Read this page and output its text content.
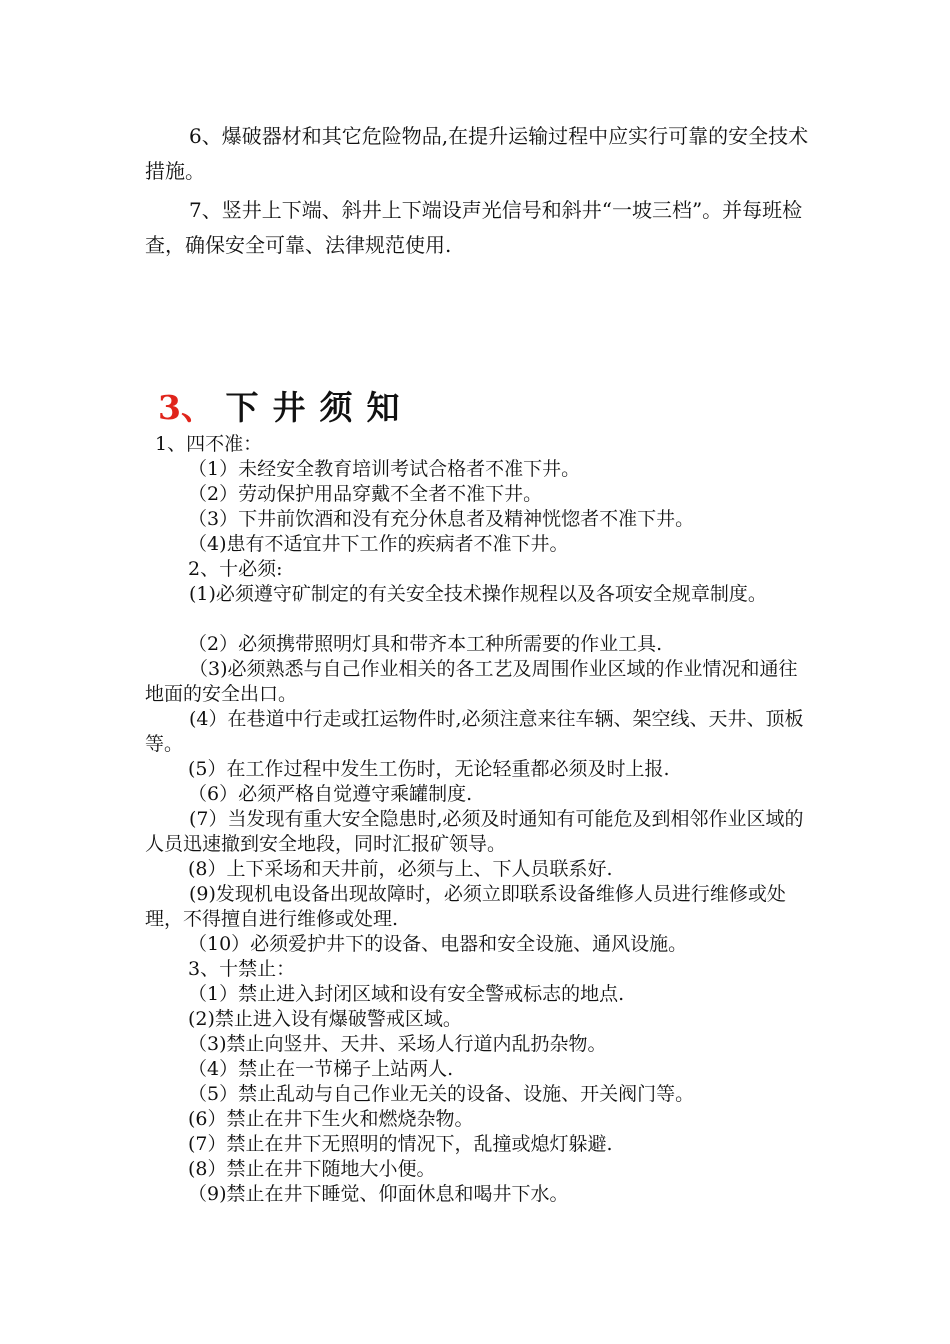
6、爆破器材和其它危险物品,在提升运输过程中应实行可靠的安全技术措施。

7、竖井上下端、斜井上下端设声光信号和斜井“一坡三档”。并每班检查，确保安全可靠、法律规范使用.

3、 下井须知

1、四不准：

（1）未经安全教育培训考试合格者不准下井。

（2）劳动保护用品穿戴不全者不准下井。

（3）下井前饮酒和没有充分休息者及精神恍惚者不准下井。

（4)患有不适宜井下工作的疾病者不准下井。

2、十必须:

(1)必须遵守矿制定的有关安全技术操作规程以及各项安全规章制度。

（2）必须携带照明灯具和带齐本工种所需要的作业工具.

（3)必须熟悉与自己作业相关的各工艺及周围作业区域的作业情况和通往地面的安全出口。

(4）在巷道中行走或扛运物件时,必须注意来往车辆、架空线、天井、顶板等。

(5）在工作过程中发生工伤时，无论轻重都必须及时上报.

（6）必须严格自觉遵守乘罐制度.

(7）当发现有重大安全隐患时,必须及时通知有可能危及到相邻作业区域的人员迅速撤到安全地段，同时汇报矿领导。

(8）上下采场和天井前，必须与上、下人员联系好.

(9)发现机电设备出现故障时，必须立即联系设备维修人员进行维修或处理，不得擅自进行维修或处理.

（10）必须爱护井下的设备、电器和安全设施、通风设施。

3、十禁止：

（1）禁止进入封闭区域和设有安全警戒标志的地点.

(2)禁止进入设有爆破警戒区域。

（3)禁止向竖井、天井、采场人行道内乱扔杂物。

（4）禁止在一节梯子上站两人.

（5）禁止乱动与自己作业无关的设备、设施、开关阀门等。

(6）禁止在井下生火和燃烧杂物。

(7）禁止在井下无照明的情况下，乱撞或熄灯躲避.

(8）禁止在井下随地大小便。

（9)禁止在井下睡觉、仰面休息和喝井下水。
